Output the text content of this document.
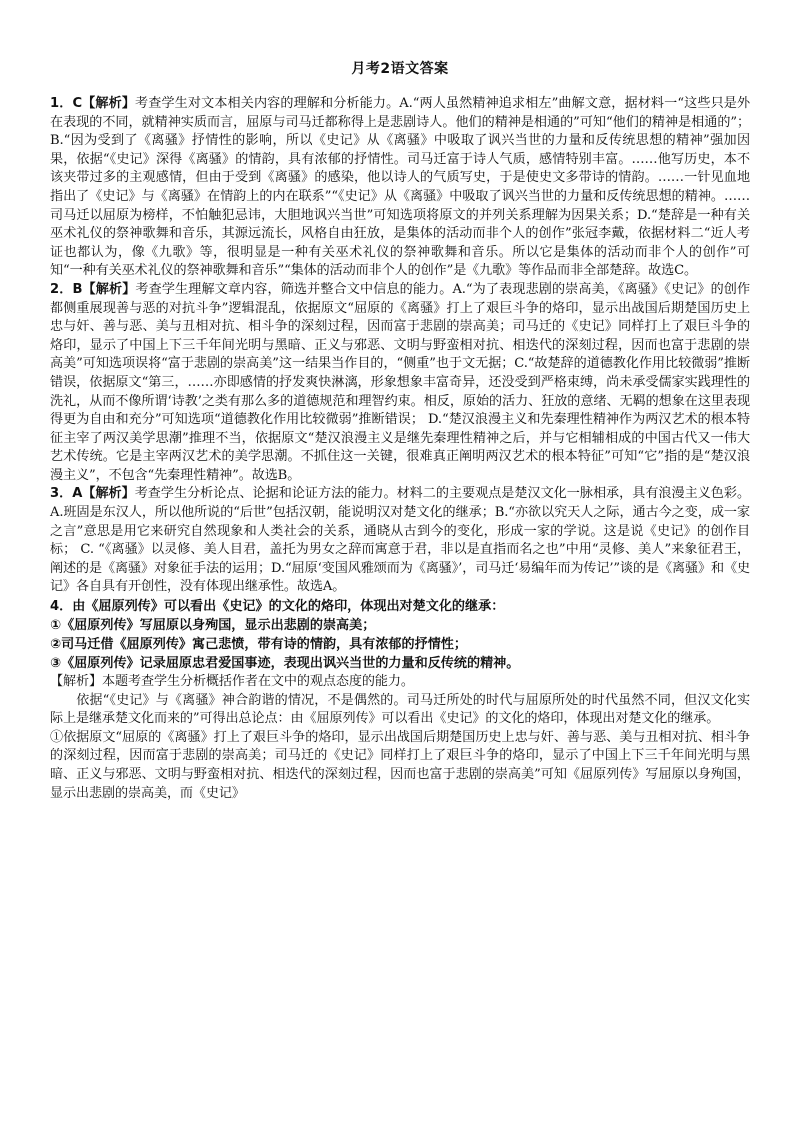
月考2语文答案

1．C【解析】考查学生对文本相关内容的理解和分析能力。A.“两人虽然精神追求相左”曲解文意，据材料一“这些只是外在表现的不同，就精神实质而言，屈原与司马迁都称得上是悲剧诗人。他们的精神是相通的”可知“他们的精神是相通的”；B.“因为受到了《离骚》抒情性的影响，所以《史记》从《离骚》中吸取了讽兴当世的力量和反传统思想的精神”强加因果，依据“《史记》深得《离骚》的情韵，具有浓郁的抒情性。司马迁富于诗人气质，感情特别丰富。……他写历史，本不该夹带过多的主观感情，但由于受到《离骚》的感染，他以诗人的气质写史，于是使史文多带诗的情韵。……一针见血地指出了《史记》与《离骚》在情韵上的内在联系”“《史记》从《离骚》中吸取了讽兴当世的力量和反传统思想的精神。……司马迁以屈原为榜样，不怕触犯忌讳，大胆地讽兴当世”可知选项将原文的并列关系理解为因果关系；D.“楚辞是一种有关巫术礼仪的祭神歌舞和音乐，其源远流长，风格自由狂放，是集体的活动而非个人的创作”张冠李戴，依据材料二“近人考证也都认为，像《九歌》等，很明显是一种有关巫术礼仪的祭神歌舞和音乐。所以它是集体的活动而非个人的创作”可知“一种有关巫术礼仪的祭神歌舞和音乐”“集体的活动而非个人的创作”是《九歌》等作品而非全部楚辞。故选C。

2．B【解析】考查学生理解文章内容，筛选并整合文中信息的能力。A.“为了表现悲剧的崇高美，《离骚》《史记》的创作都侧重展现善与恶的对抗斗争”逻辑混乱，依据原文“屈原的《离骚》打上了艰巨斗争的烙印，显示出战国后期楚国历史上忠与奸、善与恶、美与丑相对抗、相斗争的深刻过程，因而富于悲剧的崇高美；司马迁的《史记》同样打上了艰巨斗争的烙印，显示了中国上下三千年间光明与黑暗、正义与邪恶、文明与野蛮相对抗、相迭代的深刻过程，因而也富于悲剧的崇高美”可知选项误将“富于悲剧的崇高美”这一结果当作目的，“侧重”也于文无据；C.“故楚辞的道德教化作用比较微弱”推断错误，依据原文“第三，……亦即感情的抒发爽快淋漓，形象想象丰富奇异，还没受到严格束缚，尚未承受儒家实践理性的洗礼，从而不像所谓‘诗教’之类有那么多的道德规范和理智约束。相反，原始的活力、狂放的意绪、无羁的想象在这里表现得更为自由和充分”可知选项“道德教化作用比较微弱”推断错误； D.“楚汉浪漫主义和先秦理性精神作为两汉艺术的根本特征主宰了两汉美学思潮”推理不当，依据原文“楚汉浪漫主义是继先秦理性精神之后，并与它相辅相成的中国古代又一伟大艺术传统。它是主宰两汉艺术的美学思潮。不抓住这一关键，很难真正阐明两汉艺术的根本特征”可知“它”指的是“楚汉浪漫主义”，不包含“先秦理性精神”。故选B。

3．A【解析】考查学生分析论点、论据和论证方法的能力。材料二的主要观点是楚汉文化一脉相承，具有浪漫主义色彩。A.班固是东汉人，所以他所说的“后世”包括汉朝，能说明汉对楚文化的继承；B.“亦欲以究天人之际，通古今之变，成一家之言”意思是用它来研究自然现象和人类社会的关系，通晓从古到今的变化，形成一家的学说。这是说《史记》的创作目标； C. “《离骚》以灵修、美人目君，盖托为男女之辞而寓意于君，非以是直指而名之也”中用“灵修、美人”来象征君王，阐述的是《离骚》对象征手法的运用；D.“屈原‘变国风雅颂而为《离骚》’，司马迁‘易编年而为传记’”谈的是《离骚》和《史记》各自具有开创性，没有体现出继承性。故选A。

4．由《屈原列传》可以看出《史记》的文化的烙印，体现出对楚文化的继承：

①《屈原列传》写屈原以身殉国，显示出悲剧的崇高美；

②司马迁借《屈原列传》寓己悲愤，带有诗的情韵，具有浓郁的抒情性；

③《屈原列传》记录屈原忠君爱国事迹，表现出讽兴当世的力量和反传统的精神。

【解析】本题考查学生分析概括作者在文中的观点态度的能力。

依据“《史记》与《离骚》神合韵谐的情况，不是偶然的。司马迁所处的时代与屈原所处的时代虽然不同，但汉文化实际上是继承楚文化而来的”可得出总论点：由《屈原列传》可以看出《史记》的文化的烙印，体现出对楚文化的继承。

①依据原文“屈原的《离骚》打上了艰巨斗争的烙印，显示出战国后期楚国历史上忠与奸、善与恶、美与丑相对抗、相斗争的深刻过程，因而富于悲剧的崇高美；司马迁的《史记》同样打上了艰巨斗争的烙印，显示了中国上下三千年间光明与黑暗、正义与邪恶、文明与野蛮相对抗、相迭代的深刻过程，因而也富于悲剧的崇高美”可知《屈原列传》写屈原以身殉国，显示出悲剧的崇高美，而《史记》
